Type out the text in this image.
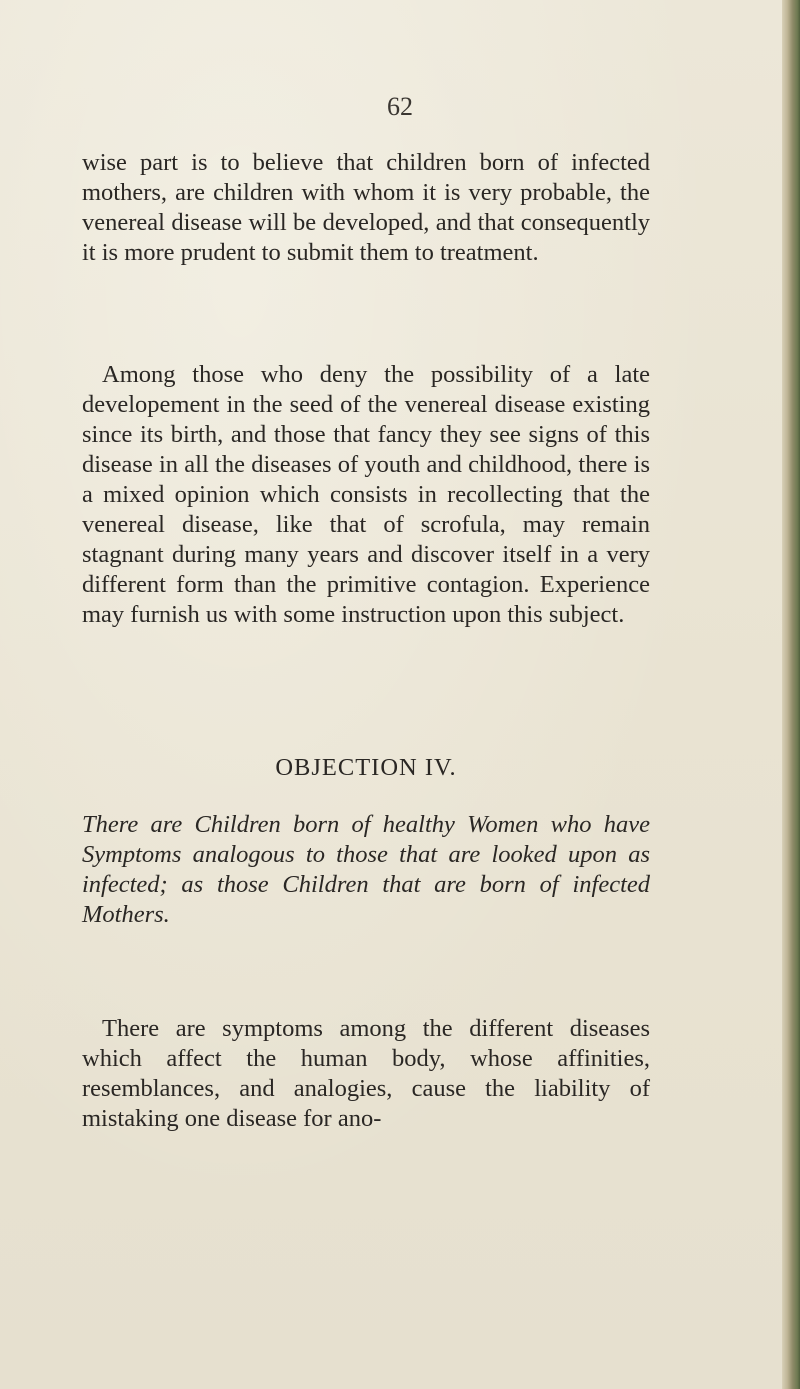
62

wise part is to believe that children born of infected mothers, are children with whom it is very probable, the venereal disease will be developed, and that consequently it is more prudent to submit them to treatment.

Among those who deny the possibility of a late developement in the seed of the venereal disease existing since its birth, and those that fancy they see signs of this disease in all the diseases of youth and childhood, there is a mixed opinion which consists in recollecting that the venereal disease, like that of scrofula, may remain stagnant during many years and discover itself in a very different form than the primitive contagion. Experience may furnish us with some instruction upon this subject.

OBJECTION IV.

There are Children born of healthy Women who have Symptoms analogous to those that are looked upon as infected; as those Children that are born of infected Mothers.

There are symptoms among the different diseases which affect the human body, whose affinities, resemblances, and analogies, cause the liability of mistaking one disease for ano-
